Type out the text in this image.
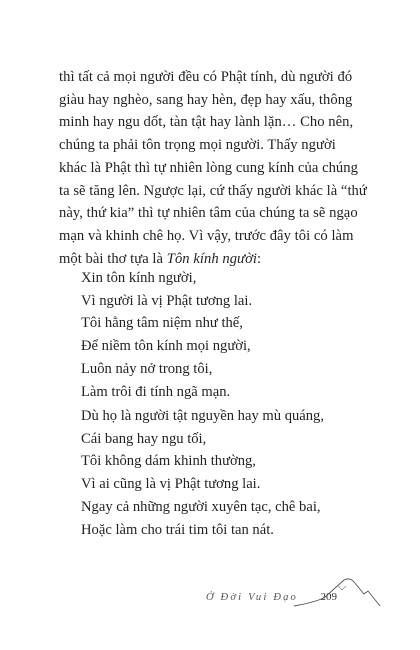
thì tất cả mọi người đều có Phật tính, dù người đó
giàu hay nghèo, sang hay hèn, đẹp hay xấu, thông
minh hay ngu dốt, tàn tật hay lành lặn… Cho nên,
chúng ta phải tôn trọng mọi người. Thấy người
khác là Phật thì tự nhiên lòng cung kính của chúng
ta sẽ tăng lên. Ngược lại, cứ thấy người khác là “thứ
này, thứ kia” thì tự nhiên tâm của chúng ta sẽ ngạo
mạn và khinh chê họ. Vì vậy, trước đây tôi có làm
một bài thơ tựa là Tôn kính người:

Xin tôn kính người,
Vì người là vị Phật tương lai.
Tôi hằng tâm niệm như thế,
Để niềm tôn kính mọi người,
Luôn nảy nở trong tôi,
Làm trôi đi tính ngã mạn.
Dù họ là người tật nguyền hay mù quáng,
Cái bang hay ngu tối,
Tôi không dám khinh thường,
Vì ai cũng là vị Phật tương lai.
Ngay cả những người xuyên tạc, chê bai,
Hoặc làm cho trái tim tôi tan nát.
Ở Đời Vui Đạo 209
